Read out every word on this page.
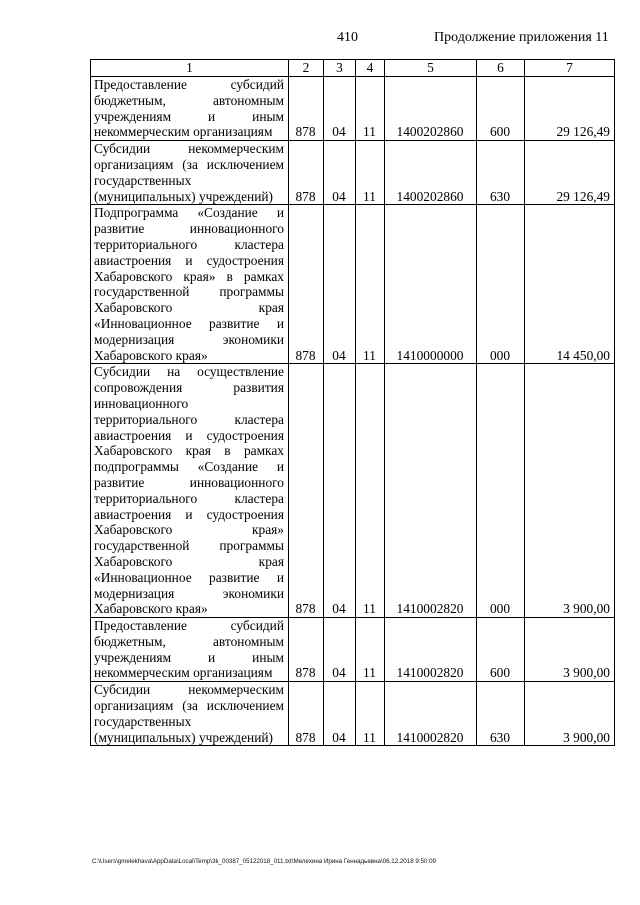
410	Продолжение приложения 11
1	2	3	4	5	6	7
Предоставление субсидий бюджетным, автономным учреждениям и иным некоммерческим организациям	878	04	11	1400202860	600	29 126,49
Субсидии некоммерческим организациям (за исключением государственных (муниципальных) учреждений)	878	04	11	1400202860	630	29 126,49
Подпрограмма «Создание и развитие инновационного территориального кластера авиастроения и судостроения Хабаровского края» в рамках государственной программы Хабаровского края «Инновационное развитие и модернизация экономики Хабаровского края»	878	04	11	1410000000	000	14 450,00
Субсидии на осуществление сопровождения развития инновационного территориального кластера авиастроения и судостроения Хабаровского края в рамках подпрограммы «Создание и развитие инновационного территориального кластера авиастроения и судостроения Хабаровского края» государственной программы Хабаровского края «Инновационное развитие и модернизация экономики Хабаровского края»	878	04	11	1410002820	000	3 900,00
Предоставление субсидий бюджетным, автономным учреждениям и иным некоммерческим организациям	878	04	11	1410002820	600	3 900,00
Субсидии некоммерческим организациям (за исключением государственных (муниципальных) учреждений)	878	04	11	1410002820	630	3 900,00
C:\Users\gmelekhava\AppData\Local\Temp\3k_00387_05122018_011.txt\Мелехина Ирина Геннадьевна\06.12.2018 9:50:09
